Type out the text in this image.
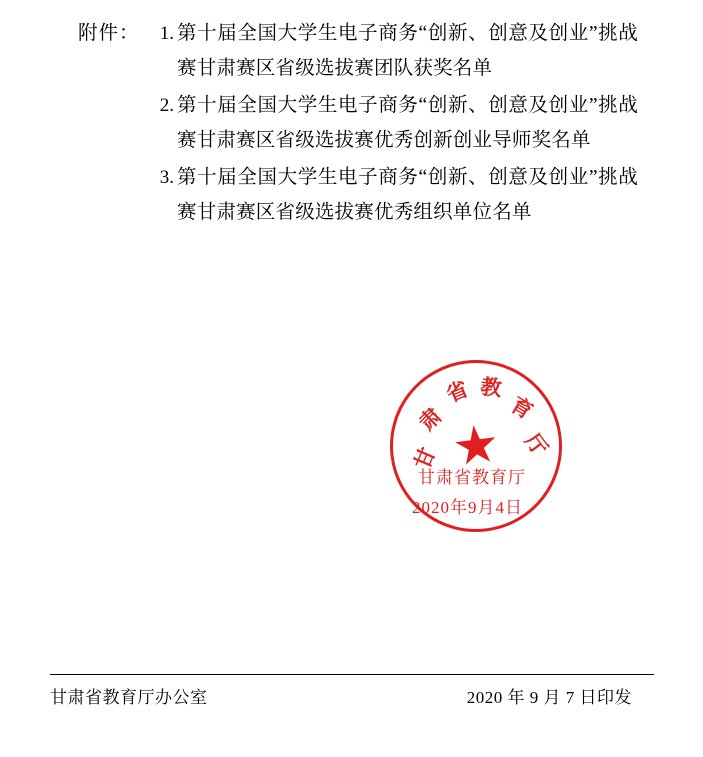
附件：	1. 第十届全国大学生电子商务“创新、创意及创业”挑战赛甘肃赛区省级选拔赛团队获奖名单
2. 第十届全国大学生电子商务“创新、创意及创业”挑战赛甘肃赛区省级选拔赛优秀创新创业导师奖名单
3. 第十届全国大学生电子商务“创新、创意及创业”挑战赛甘肃赛区省级选拔赛优秀组织单位名单
甘
肃
省 教
育
厅
甘肃省教育厅
2020年9月4日
甘肃省教育厅办公室	2020 年 9 月 7 日印发
